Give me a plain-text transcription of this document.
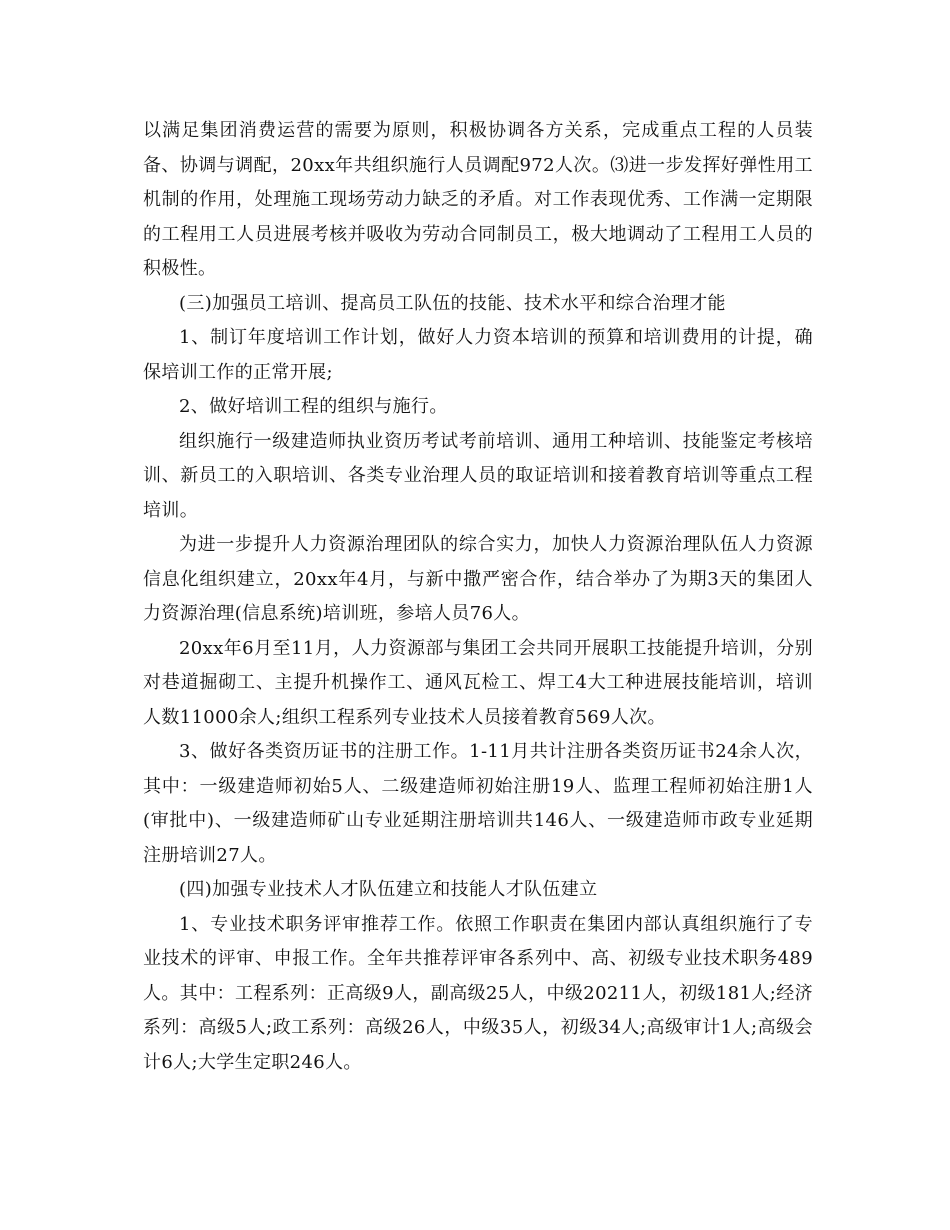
以满足集团消费运营的需要为原则，积极协调各方关系，完成重点工程的人员装备、协调与调配，20xx年共组织施行人员调配972人次。⑶进一步发挥好弹性用工机制的作用，处理施工现场劳动力缺乏的矛盾。对工作表现优秀、工作满一定期限的工程用工人员进展考核并吸收为劳动合同制员工，极大地调动了工程用工人员的积极性。

(三)加强员工培训、提高员工队伍的技能、技术水平和综合治理才能

1、制订年度培训工作计划，做好人力资本培训的预算和培训费用的计提，确保培训工作的正常开展;

2、做好培训工程的组织与施行。

组织施行一级建造师执业资历考试考前培训、通用工种培训、技能鉴定考核培训、新员工的入职培训、各类专业治理人员的取证培训和接着教育培训等重点工程培训。

为进一步提升人力资源治理团队的综合实力，加快人力资源治理队伍人力资源信息化组织建立，20xx年4月，与新中撒严密合作，结合举办了为期3天的集团人力资源治理(信息系统)培训班，参培人员76人。

20xx年6月至11月，人力资源部与集团工会共同开展职工技能提升培训，分别对巷道掘砌工、主提升机操作工、通风瓦检工、焊工4大工种进展技能培训，培训人数11000余人;组织工程系列专业技术人员接着教育569人次。

3、做好各类资历证书的注册工作。1-11月共计注册各类资历证书24余人次，其中：一级建造师初始5人、二级建造师初始注册19人、监理工程师初始注册1人(审批中)、一级建造师矿山专业延期注册培训共146人、一级建造师市政专业延期注册培训27人。

(四)加强专业技术人才队伍建立和技能人才队伍建立

1、专业技术职务评审推荐工作。依照工作职责在集团内部认真组织施行了专业技术的评审、申报工作。全年共推荐评审各系列中、高、初级专业技术职务489人。其中：工程系列：正高级9人，副高级25人，中级20211人，初级181人;经济系列：高级5人;政工系列：高级26人，中级35人，初级34人;高级审计1人;高级会计6人;大学生定职246人。
